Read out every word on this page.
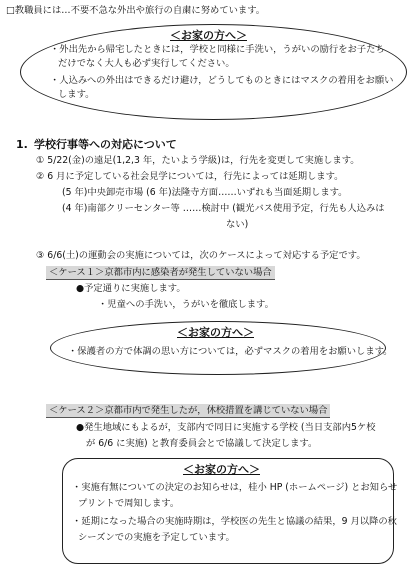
□教職員には…不要不急な外出や旅行の自粛に努めています。
＜お家の方へ＞
・外出先から帰宅したときには，学校と同様に手洗い，うがいの励行をお子たち
だけでなく大人も必ず実行してください。
・人込みへの外出はできるだけ避け，どうしてものときにはマスクの着用をお願い
します。
1. 学校行事等への対応について
① 5/22(金)の遠足(1,2,3 年，たいよう学級)は，行先を変更して実施します。
② 6 月に予定している社会見学については，行先によっては延期します。
(5 年)中央卸売市場 (6 年)法隆寺方面……いずれも当面延期します。
(4 年)南部クリーセンター等 ……検討中 (観光バス使用予定，行先も人込みは
ない)
③ 6/6(土)の運動会の実施については，次のケースによって対応する予定です。
＜ケース１＞京都市内に感染者が発生していない場合
●予定通りに実施します。
・児童への手洗い，うがいを徹底します。
＜お家の方へ＞
・保護者の方で体調の思い方については，必ずマスクの着用をお願いします。
＜ケース２＞京都市内で発生したが，休校措置を講じていない場合
●発生地域にもよるが，支部内で同日に実施する学校 (当日支部内5ケ校
が 6/6 に実施) と教育委員会とで協議して決定します。
＜お家の方へ＞
・実施有無についての決定のお知らせは，桂小 HP (ホームページ) とお知らせ
プリントで周知します。
・延期になった場合の実施時期は，学校医の先生と協議の結果，9 月以降の秋
シーズンでの実施を予定しています。
